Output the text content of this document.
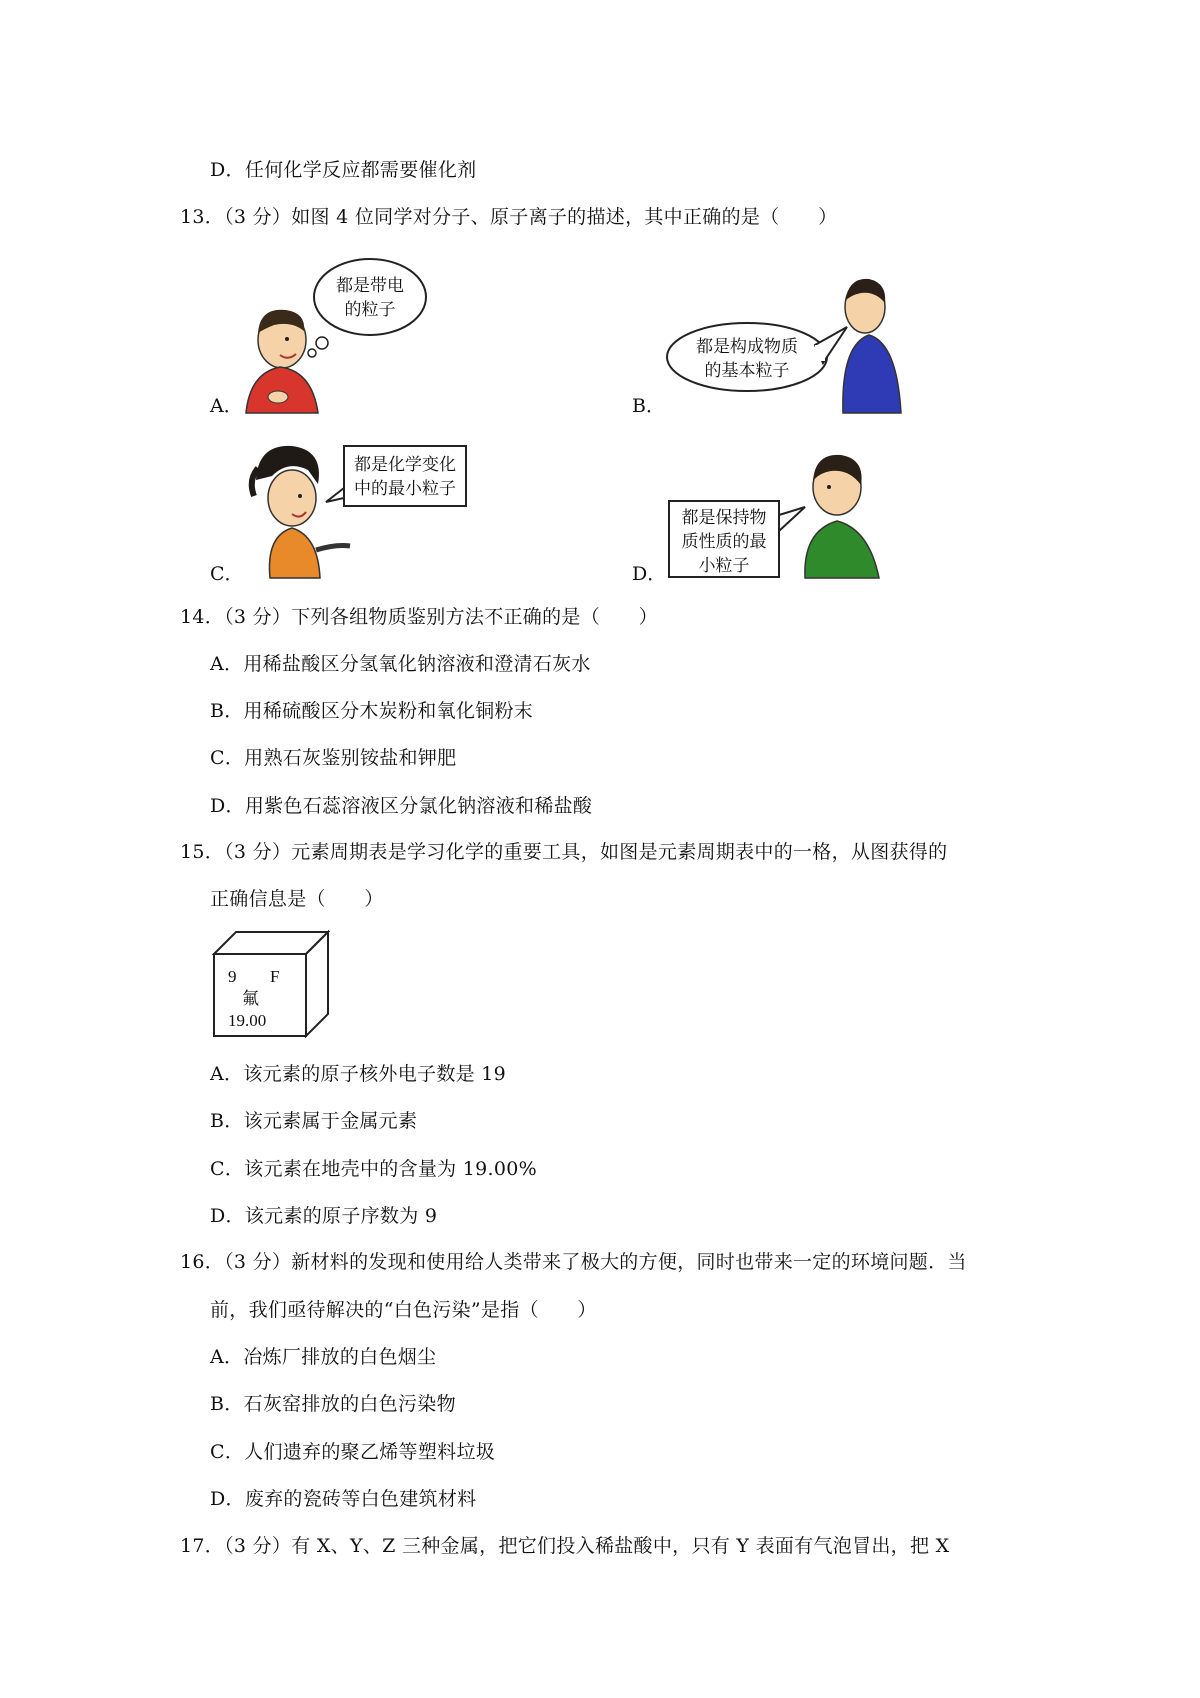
D．任何化学反应都需要催化剂
13．（3 分）如图 4 位同学对分子、原子离子的描述，其中正确的是（　　）
都是带电
的粒子
A．
都是构成物质
的基本粒子
B．
都是化学变化
中的最小粒子
C．
都是保持物
质性质的最
小粒子
D．
14．（3 分）下列各组物质鉴别方法不正确的是（　　）
A．用稀盐酸区分氢氧化钠溶液和澄清石灰水
B．用稀硫酸区分木炭粉和氧化铜粉末
C．用熟石灰鉴别铵盐和钾肥
D．用紫色石蕊溶液区分氯化钠溶液和稀盐酸
15．（3 分）元素周期表是学习化学的重要工具，如图是元素周期表中的一格，从图获得的
正确信息是（　　）
9 F
氟
19.00
A．该元素的原子核外电子数是 19
B．该元素属于金属元素
C．该元素在地壳中的含量为 19.00%
D．该元素的原子序数为 9
16．（3 分）新材料的发现和使用给人类带来了极大的方便，同时也带来一定的环境问题．当
前，我们亟待解决的“白色污染”是指（　　）
A．冶炼厂排放的白色烟尘
B．石灰窑排放的白色污染物
C．人们遗弃的聚乙烯等塑料垃圾
D．废弃的瓷砖等白色建筑材料
17．（3 分）有 X、Y、Z 三种金属，把它们投入稀盐酸中，只有 Y 表面有气泡冒出，把 X
